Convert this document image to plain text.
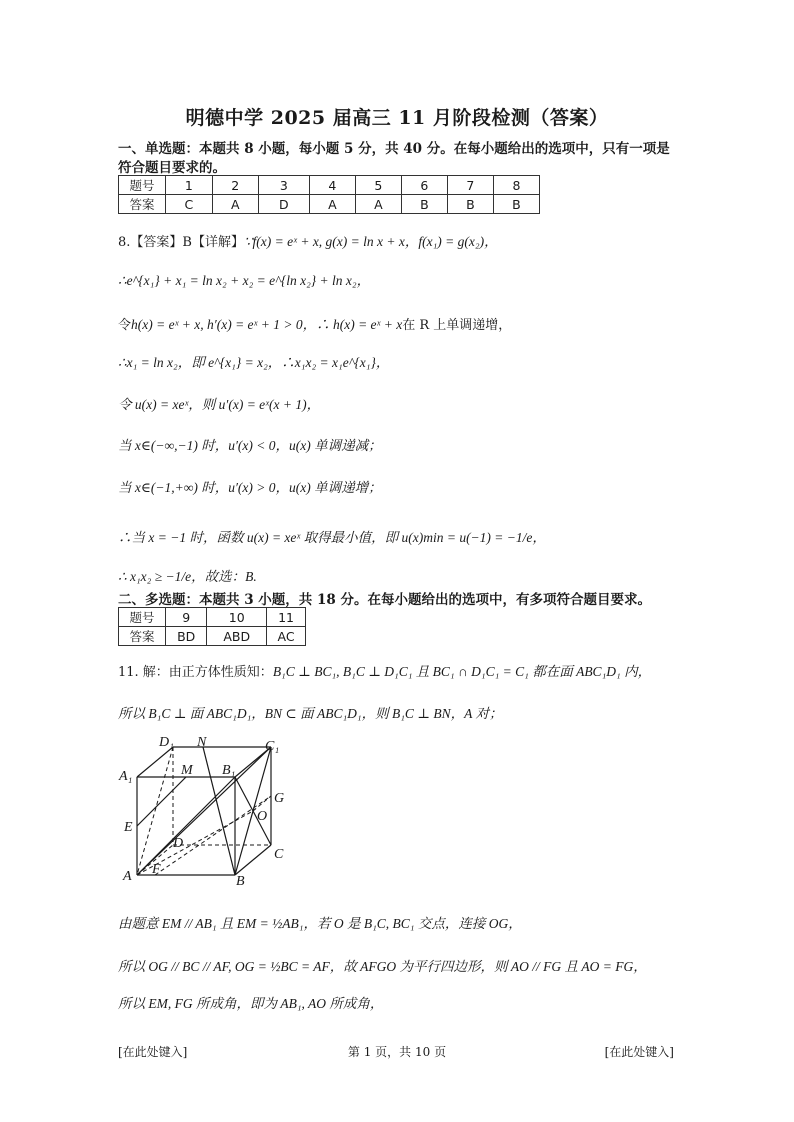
明德中学 2025 届高三 11 月阶段检测（答案）
一、单选题：本题共 8 小题，每小题 5 分，共 40 分。在每小题给出的选项中，只有一项是
符合题目要求的。
题号	1	2	3	4	5	6	7	8
答案	C	A	D	A	A	B	B	B
8.【答案】B【详解】∵f(x) = eˣ + x, g(x) = ln x + x，f(x₁) = g(x₂)，
∴e^{x₁} + x₁ = ln x₂ + x₂ = e^{ln x₂} + ln x₂，
令h(x) = eˣ + x, h′(x) = eˣ + 1 > 0，∴ h(x) = eˣ + x在 R 上单调递增，
∴x₁ = ln x₂，即 e^{x₁} = x₂，∴x₁x₂ = x₁e^{x₁}，
令 u(x) = xeˣ，则 u′(x) = eˣ(x + 1)，
当 x∈(−∞,−1) 时，u′(x) < 0，u(x) 单调递减；
当 x∈(−1,+∞) 时，u′(x) > 0，u(x) 单调递增；
∴当 x = −1 时，函数 u(x) = xeˣ 取得最小值，即 u(x)min = u(−1) = −1/e，
∴ x₁x₂ ≥ −1/e，故选：B.
二、多选题：本题共 3 小题，共 18 分。在每小题给出的选项中，有多项符合题目要求。
题号	9	10	11
答案	BD	ABD	AC
11. 解：由正方体性质知：B₁C ⊥ BC₁, B₁C ⊥ D₁C₁ 且 BC₁ ∩ D₁C₁ = C₁ 都在面 ABC₁D₁ 内，
所以 B₁C ⊥ 面 ABC₁D₁，BN ⊂ 面 ABC₁D₁，则 B₁C ⊥ BN，A 对；
D₁ N	C₁
A₁	M B₁
G
O
E
D
C
A F
B
由题意 EM // AB₁ 且 EM = ½AB₁，若 O 是 B₁C, BC₁ 交点，连接 OG，
所以 OG // BC // AF, OG = ½BC = AF，故 AFGO 为平行四边形，则 AO // FG 且 AO = FG，
所以 EM, FG 所成角，即为 AB₁, AO 所成角，
[在此处键入]	第 1 页，共 10 页	[在此处键入]
